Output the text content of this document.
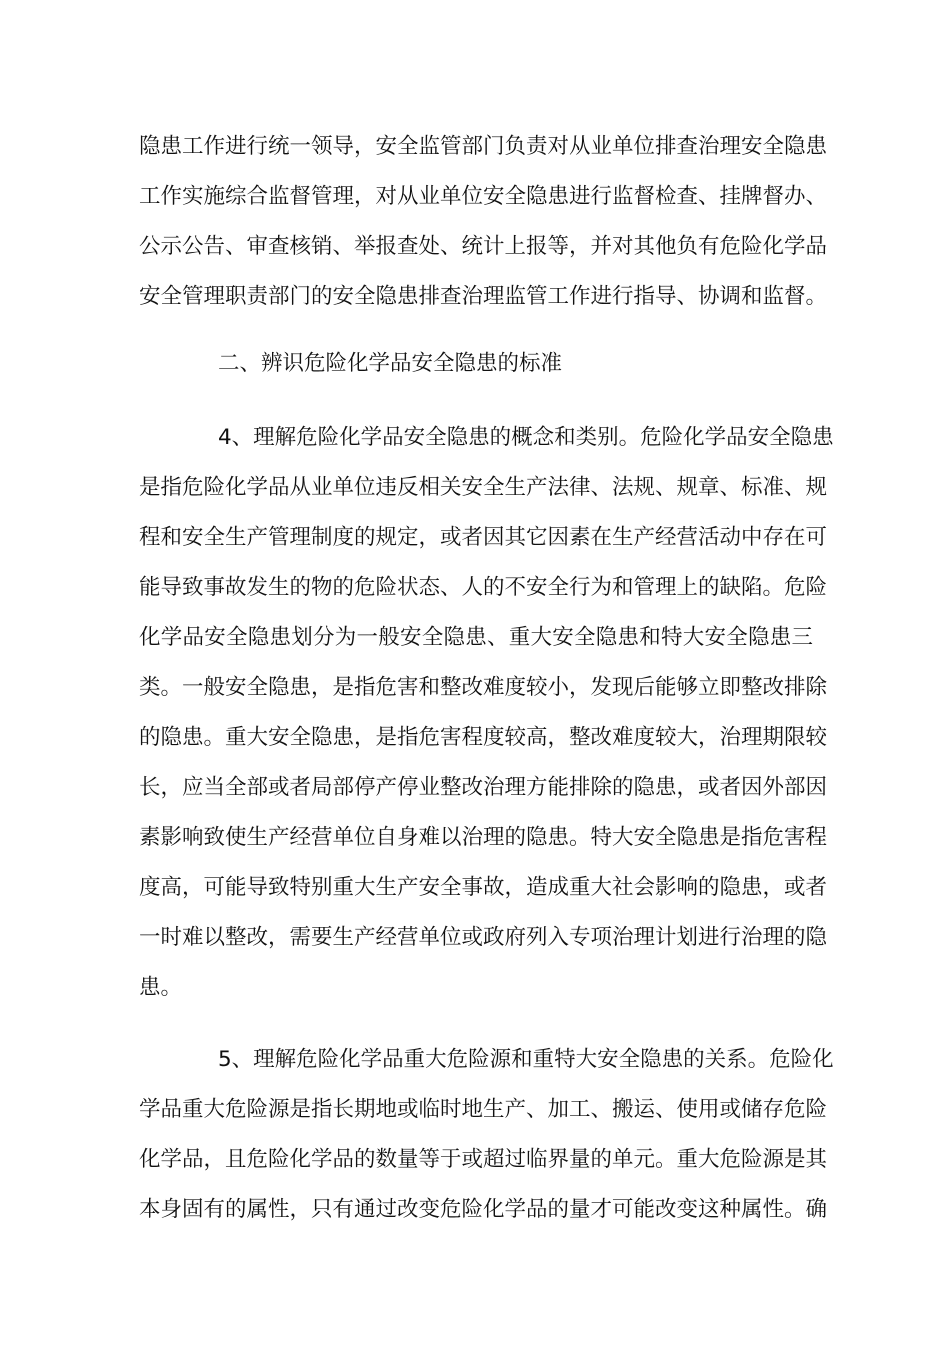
隐患工作进行统一领导，安全监管部门负责对从业单位排查治理安全隐患
工作实施综合监督管理，对从业单位安全隐患进行监督检查、挂牌督办、
公示公告、审查核销、举报查处、统计上报等，并对其他负有危险化学品
安全管理职责部门的安全隐患排查治理监管工作进行指导、协调和监督。
二、辨识危险化学品安全隐患的标准
4、理解危险化学品安全隐患的概念和类别。危险化学品安全隐患
是指危险化学品从业单位违反相关安全生产法律、法规、规章、标准、规
程和安全生产管理制度的规定，或者因其它因素在生产经营活动中存在可
能导致事故发生的物的危险状态、人的不安全行为和管理上的缺陷。危险
化学品安全隐患划分为一般安全隐患、重大安全隐患和特大安全隐患三
类。一般安全隐患，是指危害和整改难度较小，发现后能够立即整改排除
的隐患。重大安全隐患，是指危害程度较高，整改难度较大，治理期限较
长，应当全部或者局部停产停业整改治理方能排除的隐患，或者因外部因
素影响致使生产经营单位自身难以治理的隐患。特大安全隐患是指危害程
度高，可能导致特别重大生产安全事故，造成重大社会影响的隐患，或者
一时难以整改，需要生产经营单位或政府列入专项治理计划进行治理的隐
患。
5、理解危险化学品重大危险源和重特大安全隐患的关系。危险化
学品重大危险源是指长期地或临时地生产、加工、搬运、使用或储存危险
化学品，且危险化学品的数量等于或超过临界量的单元。重大危险源是其
本身固有的属性，只有通过改变危险化学品的量才可能改变这种属性。确
